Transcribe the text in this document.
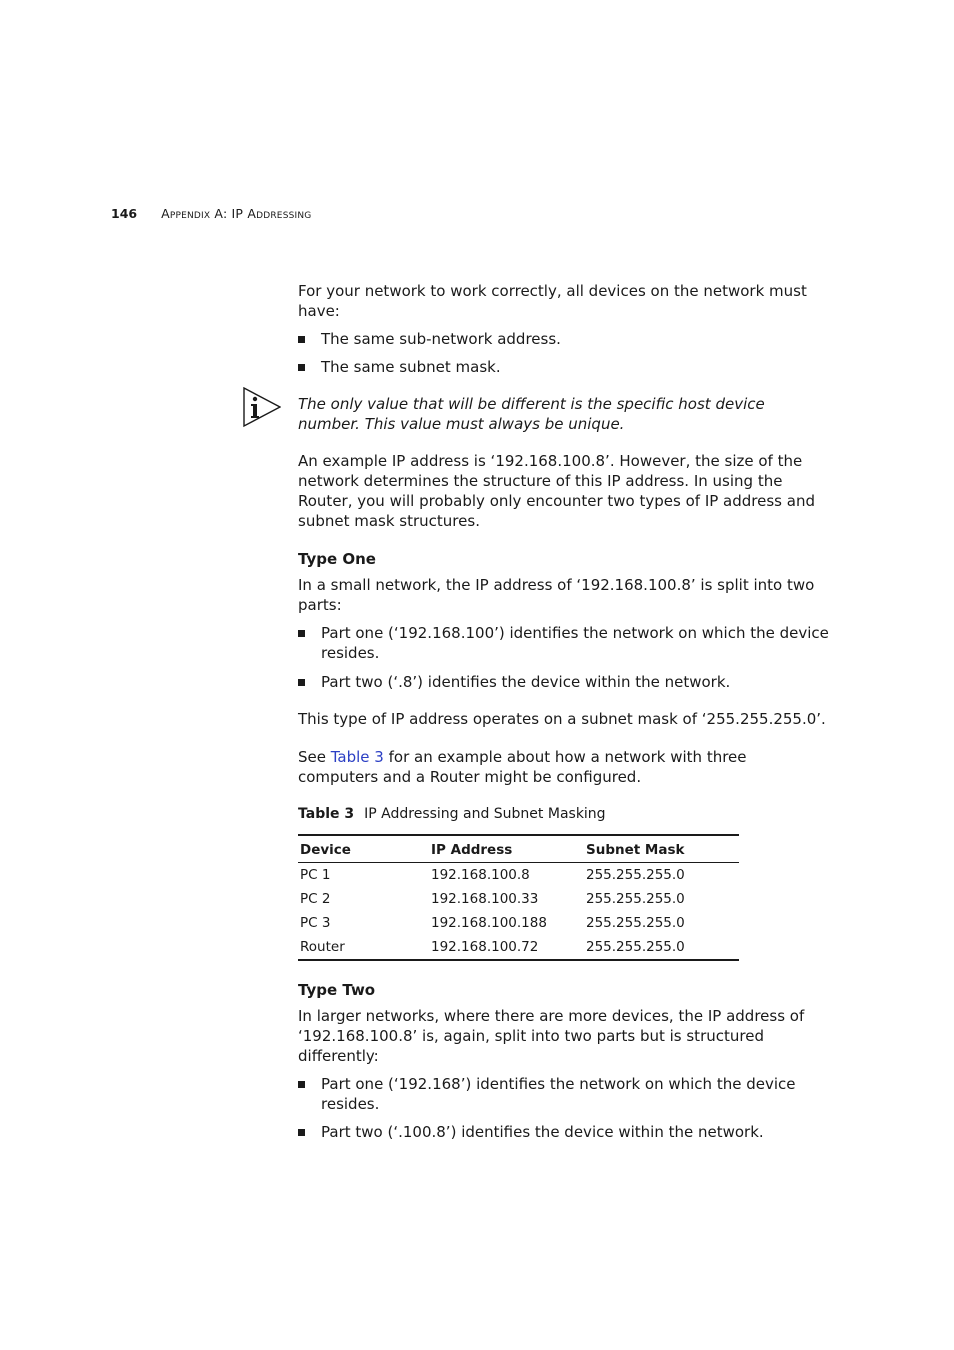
146 Appendix A: IP Addressing

For your network to work correctly, all devices on the network must have:

The same sub-network address.
The same subnet mask.

The only value that will be different is the specific host device number. This value must always be unique.

An example IP address is ‘192.168.100.8’. However, the size of the network determines the structure of this IP address. In using the Router, you will probably only encounter two types of IP address and subnet mask structures.

Type One

In a small network, the IP address of ‘192.168.100.8’ is split into two parts:

Part one (‘192.168.100’) identifies the network on which the device resides.
Part two (‘.8’) identifies the device within the network.

This type of IP address operates on a subnet mask of ‘255.255.255.0’.

See Table 3 for an example about how a network with three computers and a Router might be configured.

Table 3 IP Addressing and Subnet Masking
Device	IP Address	Subnet Mask
PC 1	192.168.100.8	255.255.255.0
PC 2	192.168.100.33	255.255.255.0
PC 3	192.168.100.188	255.255.255.0
Router	192.168.100.72	255.255.255.0
Type Two

In larger networks, where there are more devices, the IP address of ‘192.168.100.8’ is, again, split into two parts but is structured differently:

Part one (‘192.168’) identifies the network on which the device resides.
Part two (‘.100.8’) identifies the device within the network.
